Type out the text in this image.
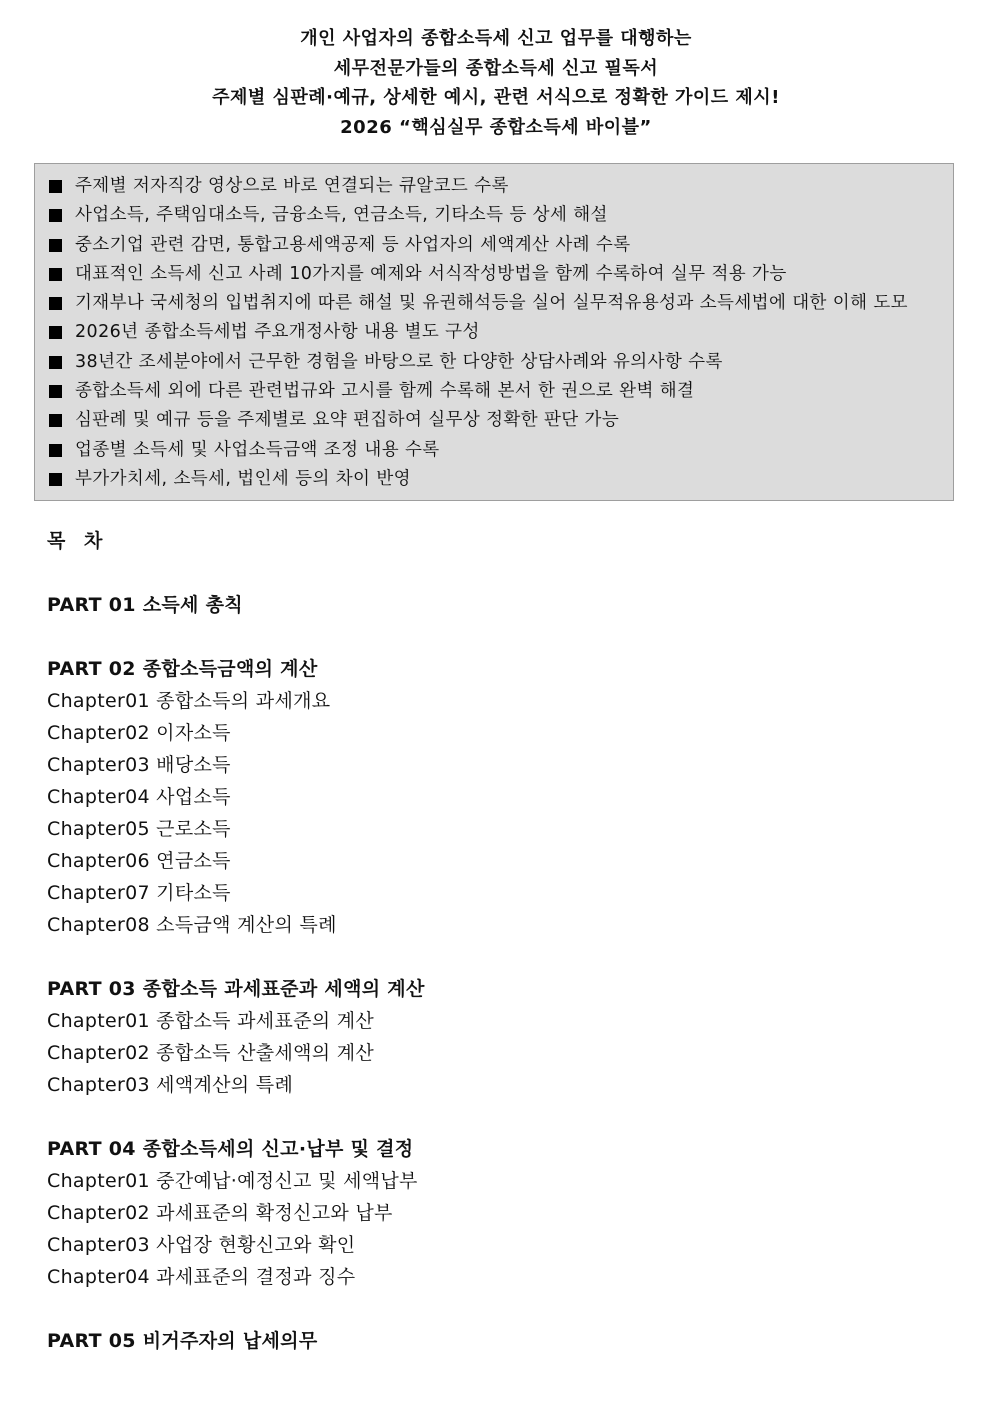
개인 사업자의 종합소득세 신고 업무를 대행하는
세무전문가들의 종합소득세 신고 필독서
주제별 심판례·예규, 상세한 예시, 관련 서식으로 정확한 가이드 제시!
2026 “핵심실무 종합소득세 바이블”
주제별 저자직강 영상으로 바로 연결되는 큐알코드 수록
사업소득, 주택임대소득, 금융소득, 연금소득, 기타소득 등 상세 해설
중소기업 관련 감면, 통합고용세액공제 등 사업자의 세액계산 사례 수록
대표적인 소득세 신고 사례 10가지를 예제와 서식작성방법을 함께 수록하여 실무 적용 가능
기재부나 국세청의 입법취지에 따른 해설 및 유권해석등을 실어 실무적유용성과 소득세법에 대한 이해 도모
2026년 종합소득세법 주요개정사항 내용 별도 구성
38년간 조세분야에서 근무한 경험을 바탕으로 한 다양한 상담사례와 유의사항 수록
종합소득세 외에 다른 관련법규와 고시를 함께 수록해 본서 한 권으로 완벽 해결
심판례 및 예규 등을 주제별로 요약 편집하여 실무상 정확한 판단 가능
업종별 소득세 및 사업소득금액 조정 내용 수록
부가가치세, 소득세, 법인세 등의 차이 반영
목 차
PART 01 소득세 총칙
PART 02 종합소득금액의 계산
Chapter01 종합소득의 과세개요
Chapter02 이자소득
Chapter03 배당소득
Chapter04 사업소득
Chapter05 근로소득
Chapter06 연금소득
Chapter07 기타소득
Chapter08 소득금액 계산의 특례
PART 03 종합소득 과세표준과 세액의 계산
Chapter01 종합소득 과세표준의 계산
Chapter02 종합소득 산출세액의 계산
Chapter03 세액계산의 특례
PART 04 종합소득세의 신고·납부 및 결정
Chapter01 중간예납·예정신고 및 세액납부
Chapter02 과세표준의 확정신고와 납부
Chapter03 사업장 현황신고와 확인
Chapter04 과세표준의 결정과 징수
PART 05 비거주자의 납세의무
